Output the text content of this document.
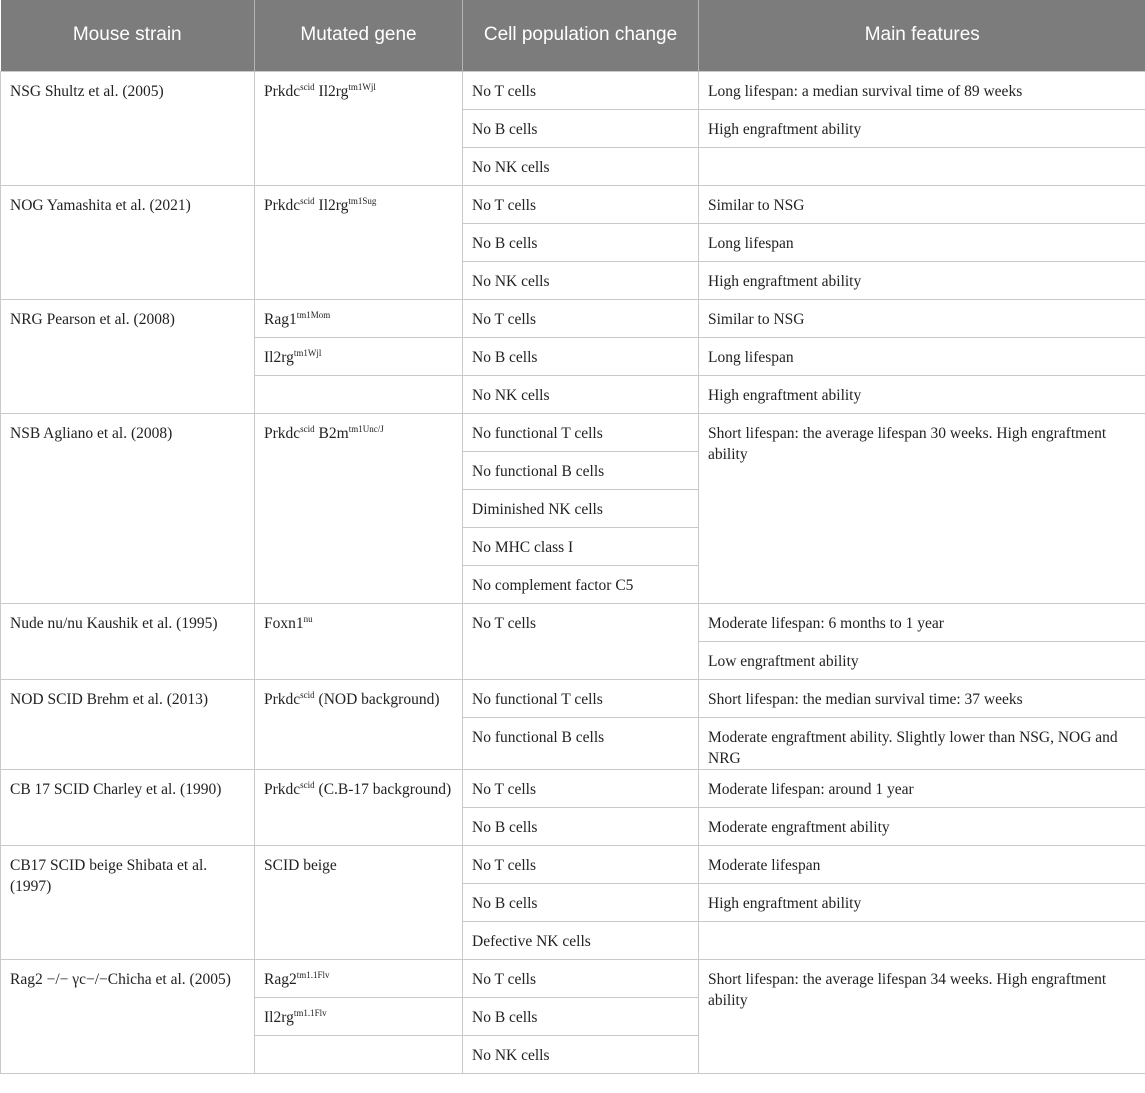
Mouse strain	Mutated gene	Cell population change	Main features
NSG Shultz et al. (2005)	Prkdc$^{scid}$ $Il2rg^{tm1Wjl}$	No T cells	Long lifespan: a median survival time of 89 weeks
		No B cells	High engraftment ability
		No NK cells	
NOG Yamashita et al. (2021)	Prkdc$^{scid}$ $Il2rg^{tm1Sug}$	No T cells	Similar to NSG
		No B cells	Long lifespan
		No NK cells	High engraftment ability
NRG Pearson et al. (2008)	$Rag1^{tm1Mom}$	No T cells	Similar to NSG
	$Il2rg^{tm1Wjl}$	No B cells	Long lifespan
		No NK cells	High engraftment ability
NSB Agliano et al. (2008)	Prkdc$^{scid}$ $B2m^{tm1Unc/J}$	No functional T cells	Short lifespan: the average lifespan 30 weeks. High engraftment ability
		No functional B cells	
		Diminished NK cells	
		No MHC class I	
		No complement factor C5	
Nude nu/nu Kaushik et al. (1995)	$Foxn1^{nu}$	No T cells	Moderate lifespan: 6 months to 1 year
			Low engraftment ability
NOD SCID Brehm et al. (2013)	Prkdc$^{scid}$ (NOD background)	No functional T cells	Short lifespan: the median survival time: 37 weeks
		No functional B cells	Moderate engraftment ability. Slightly lower than NSG, NOG and NRG
CB 17 SCID Charley et al. (1990)	Prkdc$^{scid}$ (C.B-17 background)	No T cells	Moderate lifespan: around 1 year
		No B cells	Moderate engraftment ability
CB17 SCID beige Shibata et al. (1997)	SCID beige	No T cells	Moderate lifespan
		No B cells	High engraftment ability
		Defective NK cells	
Rag2 −/− γc−/−Chicha et al. (2005)	$Rag2^{tm1.1Flv}$	No T cells	Short lifespan: the average lifespan 34 weeks. High engraftment ability
	$Il2rg^{tm1.1Flv}$	No B cells	
		No NK cells	
